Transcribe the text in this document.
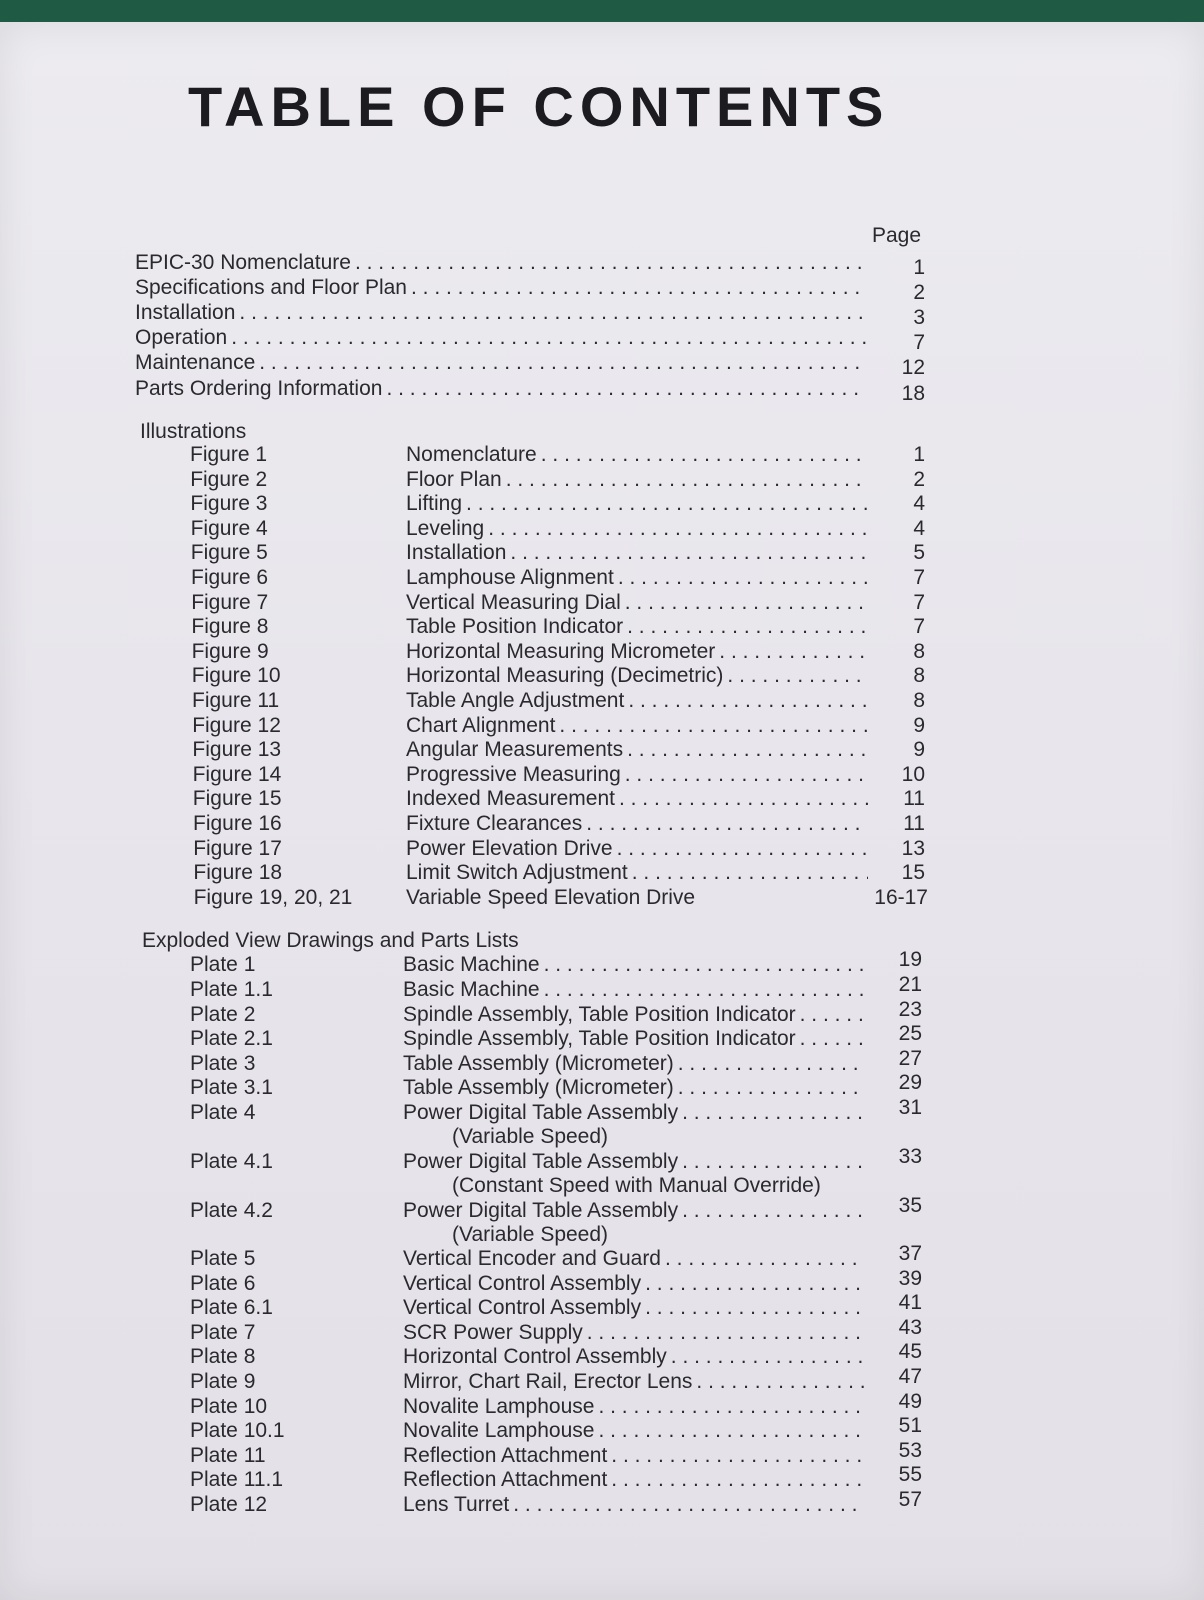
TABLE OF CONTENTS
Page
Illustrations
Exploded View Drawings and Parts Lists
EPIC-30 Nomenclature . . .	1
Specifications and Floor Plan . . .	2
Installation . . .	3
Operation . . .	7
Maintenance . . .	12
Parts Ordering Information . . .	18
Figure 1	Nomenclature . . .	1
Figure 2	Floor Plan . . .	2
Figure 3	Lifting . . .	4
Figure 4	Leveling . . .	4
Figure 5	Installation . . .	5
Figure 6	Lamphouse Alignment . . .	7
Figure 7	Vertical Measuring Dial . . .	7
Figure 8	Table Position Indicator . . .	7
Figure 9	Horizontal Measuring Micrometer . . .	8
Figure 10	Horizontal Measuring (Decimetric) . . .	8
Figure 11	Table Angle Adjustment . . .	8
Figure 12	Chart Alignment . . .	9
Figure 13	Angular Measurements . . .	9
Figure 14	Progressive Measuring . . .	10
Figure 15	Indexed Measurement . . .	11
Figure 16	Fixture Clearances . . .	11
Figure 17	Power Elevation Drive . . .	13
Figure 18	Limit Switch Adjustment . . .	15
Figure 19, 20, 21	Variable Speed Elevation Drive	16-17
Plate 1	Basic Machine . . .	19
Plate 1.1	Basic Machine . . .	21
Plate 2	Spindle Assembly, Table Position Indicator . . .	23
Plate 2.1	Spindle Assembly, Table Position Indicator . . .	25
Plate 3	Table Assembly (Micrometer) . . .	27
Plate 3.1	Table Assembly (Micrometer) . . .	29
Plate 4	Power Digital Table Assembly . . .	31
(Variable Speed)
Plate 4.1	Power Digital Table Assembly . . .	33
(Constant Speed with Manual Override)
Plate 4.2	Power Digital Table Assembly . . .	35
(Variable Speed)
Plate 5	Vertical Encoder and Guard . . .	37
Plate 6	Vertical Control Assembly . . .	39
Plate 6.1	Vertical Control Assembly . . .	41
Plate 7	SCR Power Supply . . .	43
Plate 8	Horizontal Control Assembly . . .	45
Plate 9	Mirror, Chart Rail, Erector Lens . . .	47
Plate 10	Novalite Lamphouse . . .	49
Plate 10.1	Novalite Lamphouse . . .	51
Plate 11	Reflection Attachment . . .	53
Plate 11.1	Reflection Attachment . . .	55
Plate 12	Lens Turret . . .	57
